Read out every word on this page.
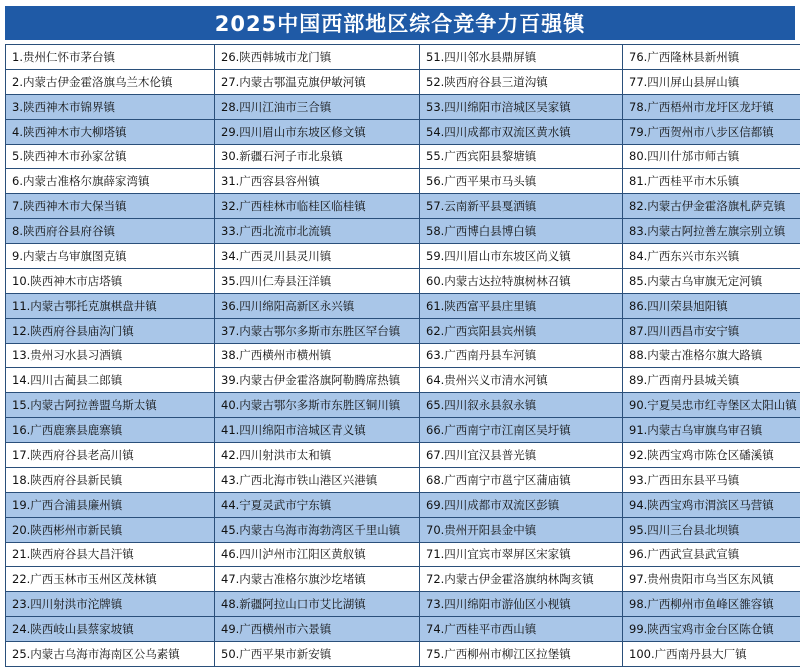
2025中国西部地区综合竞争力百强镇
1.贵州仁怀市茅台镇	26.陕西韩城市龙门镇	51.四川邻水县鼎屏镇	76.广西隆林县新州镇
2.内蒙古伊金霍洛旗乌兰木伦镇	27.内蒙古鄂温克旗伊敏河镇	52.陕西府谷县三道沟镇	77.四川屏山县屏山镇
3.陕西神木市锦界镇	28.四川江油市三合镇	53.四川绵阳市涪城区吴家镇	78.广西梧州市龙圩区龙圩镇
4.陕西神木市大柳塔镇	29.四川眉山市东坡区修文镇	54.四川成都市双流区黄水镇	79.广西贺州市八步区信都镇
5.陕西神木市孙家岔镇	30.新疆石河子市北泉镇	55.广西宾阳县黎塘镇	80.四川什邡市师古镇
6.内蒙古准格尔旗薛家湾镇	31.广西容县容州镇	56.广西平果市马头镇	81.广西桂平市木乐镇
7.陕西神木市大保当镇	32.广西桂林市临桂区临桂镇	57.云南新平县戛洒镇	82.内蒙古伊金霍洛旗札萨克镇
8.陕西府谷县府谷镇	33.广西北流市北流镇	58.广西博白县博白镇	83.内蒙古阿拉善左旗宗别立镇
9.内蒙古乌审旗图克镇	34.广西灵川县灵川镇	59.四川眉山市东坡区尚义镇	84.广西东兴市东兴镇
10.陕西神木市店塔镇	35.四川仁寿县汪洋镇	60.内蒙古达拉特旗树林召镇	85.内蒙古乌审旗无定河镇
11.内蒙古鄂托克旗棋盘井镇	36.四川绵阳高新区永兴镇	61.陕西富平县庄里镇	86.四川荣县旭阳镇
12.陕西府谷县庙沟门镇	37.内蒙古鄂尔多斯市东胜区罕台镇	62.广西宾阳县宾州镇	87.四川西昌市安宁镇
13.贵州习水县习酒镇	38.广西横州市横州镇	63.广西南丹县车河镇	88.内蒙古准格尔旗大路镇
14.四川古蔺县二郎镇	39.内蒙古伊金霍洛旗阿勒腾席热镇	64.贵州兴义市清水河镇	89.广西南丹县城关镇
15.内蒙古阿拉善盟乌斯太镇	40.内蒙古鄂尔多斯市东胜区铜川镇	65.四川叙永县叙永镇	90.宁夏吴忠市红寺堡区太阳山镇
16.广西鹿寨县鹿寨镇	41.四川绵阳市涪城区青义镇	66.广西南宁市江南区吴圩镇	91.内蒙古乌审旗乌审召镇
17.陕西府谷县老高川镇	42.四川射洪市太和镇	67.四川宜汉县普光镇	92.陕西宝鸡市陈仓区磻溪镇
18.陕西府谷县新民镇	43.广西北海市铁山港区兴港镇	68.广西南宁市邕宁区蒲庙镇	93.广西田东县平马镇
19.广西合浦县廉州镇	44.宁夏灵武市宁东镇	69.四川成都市双流区彭镇	94.陕西宝鸡市渭滨区马营镇
20.陕西彬州市新民镇	45.内蒙古乌海市海勃湾区千里山镇	70.贵州开阳县金中镇	95.四川三台县北坝镇
21.陕西府谷县大昌汗镇	46.四川泸州市江阳区黄舣镇	71.四川宜宾市翠屏区宋家镇	96.广西武宣县武宣镇
22.广西玉林市玉州区茂林镇	47.内蒙古准格尔旗沙圪堵镇	72.内蒙古伊金霍洛旗纳林陶亥镇	97.贵州贵阳市乌当区东风镇
23.四川射洪市沱牌镇	48.新疆阿拉山口市艾比湖镇	73.四川绵阳市游仙区小枧镇	98.广西柳州市鱼峰区雒容镇
24.陕西岐山县蔡家坡镇	49.广西横州市六景镇	74.广西桂平市西山镇	99.陕西宝鸡市金台区陈仓镇
25.内蒙古乌海市海南区公乌素镇	50.广西平果市新安镇	75.广西柳州市柳江区拉堡镇	100.广西南丹县大厂镇
